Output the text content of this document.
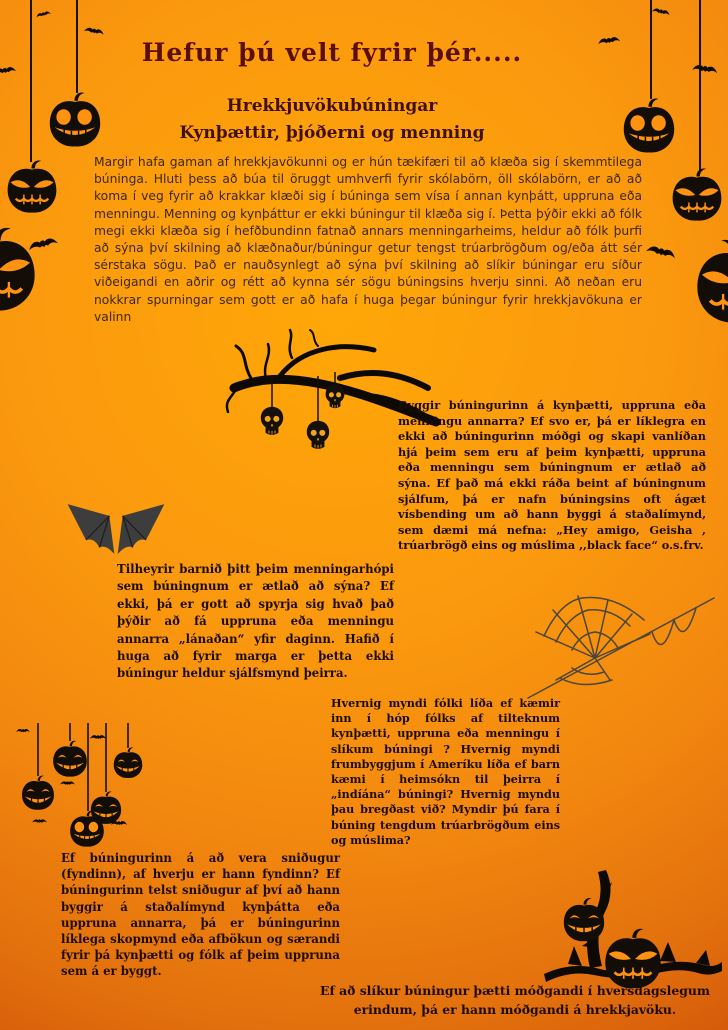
Hefur þú velt fyrir þér.....
Hrekkjuvökubúningar
Kynþættir, þjóðerni og menning
Margir hafa gaman af hrekkjavökunni og er hún tækifæri til að klæða sig í skemmtilega búninga. Hluti þess að búa til öruggt umhverfi fyrir skólabörn, öll skólabörn, er að að koma í veg fyrir að krakkar klæði sig í búninga sem vísa í annan kynþátt, uppruna eða menningu. Menning og kynþáttur er ekki búningur til klæða sig í. Þetta þýðir ekki að fólk megi ekki klæða sig í hefðbundinn fatnað annars menningarheims, heldur að fólk þurfi að sýna því skilning að klæðnaður/búningur getur tengst trúarbrögðum og/eða átt sér sérstaka sögu. Það er nauðsynlegt að sýna því skilning að slíkir búningar eru síður viðeigandi en aðrir og rétt að kynna sér sögu búningsins hverju sinni. Að neðan eru nokkrar spurningar sem gott er að hafa í huga þegar búningur fyrir hrekkjavökuna er valinn
Byggir búningurinn á kynþætti, uppruna eða menningu annarra? Ef svo er, þá er líklegra en ekki að búningurinn móðgi og skapi vanlíðan hjá þeim sem eru af þeim kynþætti, uppruna eða menningu sem búningnum er ætlað að sýna. Ef það má ekki ráða beint af búningnum sjálfum, þá er nafn búningsins oft ágæt vísbending um að hann byggi á staðalímynd, sem dæmi má nefna: „Hey amigo, Geisha , trúarbrögð eins og múslima ,,black face“ o.s.frv.
Tilheyrir barnið þitt þeim menningarhópi sem búningnum er ætlað að sýna? Ef ekki, þá er gott að spyrja sig hvað það þýðir að fá uppruna eða menningu annarra „lánaðan“ yfir daginn. Hafið í huga að fyrir marga er þetta ekki búningur heldur sjálfsmynd þeirra.
Hvernig myndi fólki líða ef kæmir inn í hóp fólks af tilteknum kynþætti, uppruna eða menningu í slíkum búningi ? Hvernig myndi frumbyggjum í Ameríku líða ef barn kæmi í heimsókn til þeirra í „indíána“ búningi? Hvernig myndu þau bregðast við? Myndir þú fara í búning tengdum trúarbrögðum eins og múslima?
Ef búningurinn á að vera sniðugur (fyndinn), af hverju er hann fyndinn? Ef búningurinn telst sniðugur af því að hann byggir á staðalímynd kynþátta eða uppruna annarra, þá er búningurinn líklega skopmynd eða afbökun og særandi fyrir þá kynþætti og fólk af þeim uppruna sem á er byggt.
Ef að slíkur búningur þætti móðgandi í hversdagslegum erindum, þá er hann móðgandi á hrekkjavöku.
